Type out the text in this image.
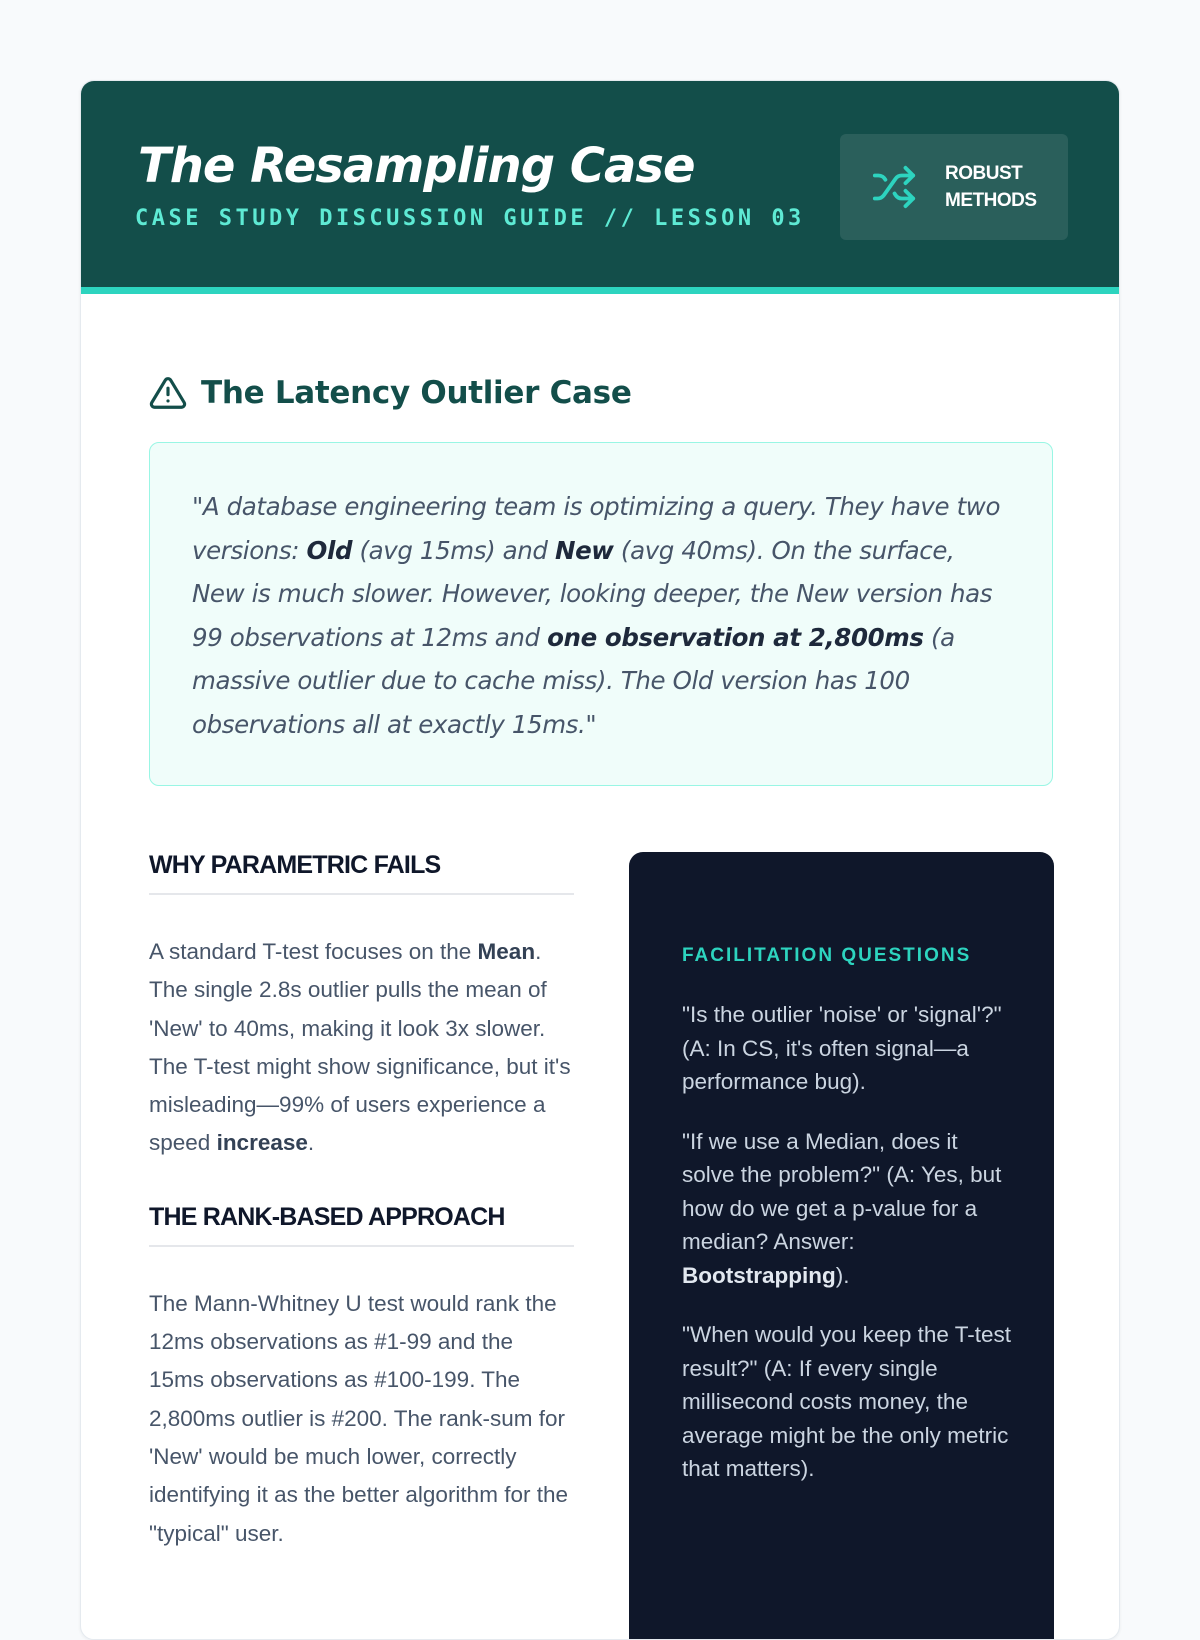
The Resampling Case
CASE STUDY DISCUSSION GUIDE // LESSON 03
ROBUST
METHODS
The Latency Outlier Case

"A database engineering team is optimizing a query. They have two versions: Old (avg 15ms) and New (avg 40ms). On the surface, New is much slower. However, looking deeper, the New version has 99 observations at 12ms and one observation at 2,800ms (a massive outlier due to cache miss). The Old version has 100 observations all at exactly 15ms."

WHY PARAMETRIC FAILS

A standard T-test focuses on the Mean. The single 2.8s outlier pulls the mean of 'New' to 40ms, making it look 3x slower. The T-test might show significance, but it's misleading—99% of users experience a speed increase.

THE RANK-BASED APPROACH

The Mann-Whitney U test would rank the 12ms observations as #1-99 and the 15ms observations as #100-199. The 2,800ms outlier is #200. The rank-sum for 'New' would be much lower, correctly identifying it as the better algorithm for the "typical" user.

FACILITATION QUESTIONS
"Is the outlier 'noise' or 'signal'?" (A: In CS, it's often signal—a performance bug).
"If we use a Median, does it solve the problem?" (A: Yes, but how do we get a p-value for a median? Answer: Bootstrapping).
"When would you keep the T-test result?" (A: If every single millisecond costs money, the average might be the only metric that matters).
